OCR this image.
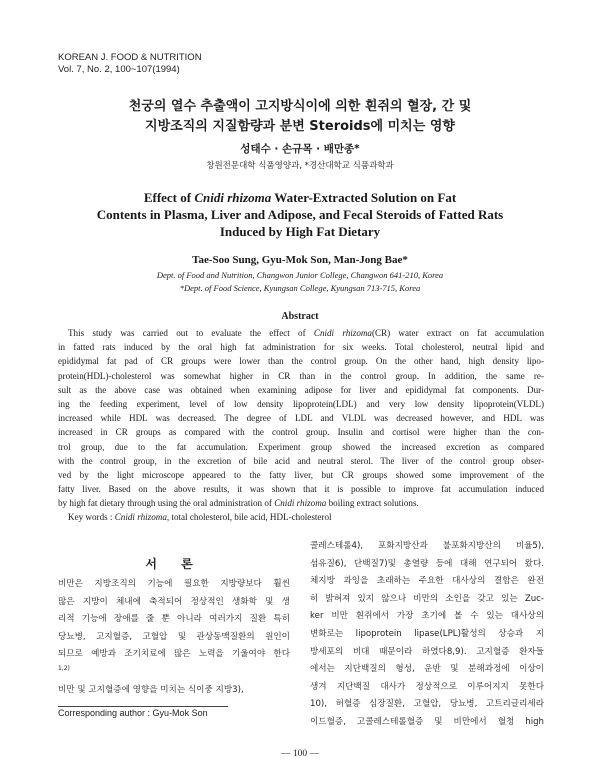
KOREAN J. FOOD & NUTRITION
Vol. 7, No. 2, 100~107(1994)
천궁의 열수 추출액이 고지방식이에 의한 흰쥐의 혈장, 간 및
지방조직의 지질함량과 분변 Steroids에 미치는 영향
성태수 · 손규목 · 배만종*
창원전문대학 식품영양과, *경산대학교 식품과학과
Effect of Cnidi rhizoma Water-Extracted Solution on Fat
Contents in Plasma, Liver and Adipose, and Fecal Steroids of Fatted Rats
Induced by High Fat Dietary
Tae-Soo Sung, Gyu-Mok Son, Man-Jong Bae*
Dept. of Food and Nutrition, Changwon Junior College, Changwon 641-210, Korea
*Dept. of Food Science, Kyungsan College, Kyungsan 713-715, Korea
Abstract
This study was carried out to evaluate the effect of Cnidi rhizoma(CR) water extract on fat accumulation
in fatted rats induced by the oral high fat administration for six weeks. Total cholesterol, neutral lipid and
epididymal fat pad of CR groups were lower than the control group. On the other hand, high density lipo-
protein(HDL)-cholesterol was somewhat higher in CR than in the control group. In addition, the same re-
sult as the above case was obtained when examining adipose for liver and epididymal fat components. Dur-
ing the feeding experiment, level of low density lipoprotein(LDL) and very low density lipoprotein(VLDL)
increased while HDL was decreased. The degree of LDL and VLDL was decreased however, and HDL was
increased in CR groups as compared with the control group. Insulin and cortisol were higher than the con-
trol group, due to the fat accumulation. Experiment group showed the increased excretion as compared
with the control group, in the excretion of bile acid and neutral sterol. The liver of the control group obser-
ved by the light microscope appeared to the fatty liver, but CR groups showed some improvement of the
fatty liver. Based on the above results, it was shown that it is possible to improve fat accumulation induced
by high fat dietary through using the oral administration of Cnidi rhizoma boiling extract solutions.
Key words : Cnidi rhizoma, total cholesterol, bile acid, HDL-cholesterol
서 론
비만은 지방조직의 기능에 필요한 지방량보다 훨씬
많은 지방이 체내에 축적되어 정상적인 생화학 및 생
리적 기능에 장애를 줄 뿐 아니라 여러가지 질환 특히
당뇨병, 고지혈증, 고혈압 및 관상동맥질환의 원인이
되므로 예방과 조기치료에 많은 노력을 기울여야 한다
$^{1,2)}$
비만 및 고지혈증에 영향을 미치는 식이중 지방3),
콜레스테롤4), 포화지방산과 불포화지방산의 비율5),
섬유질6), 단백질7)및 총열량 등에 대해 연구되어 왔다.
체지방 과잉을 초래하는 주요한 대사상의 결함은 완전
히 밝혀져 있지 않으나 비만의 소인을 갖고 있는 Zuc-
ker 비만 흰쥐에서 가장 초기에 볼 수 있는 대사상의
변화로는 lipoprotein lipase(LPL)활성의 상승과 지
방세포의 비대 때문이라 하였다8,9). 고지혈증 환자들
에서는 지단백질의 형성, 운반 및 분해과정에 이상이
생겨 지단백질 대사가 정상적으로 이루어지지 못한다
10), 허혈증 심장질환, 고혈압, 당뇨병, 고트리글리세라
이드혈증, 고콜레스테롤혈증 및 비만에서 혈청 high
Corresponding author : Gyu-Mok Son
— 100 —
